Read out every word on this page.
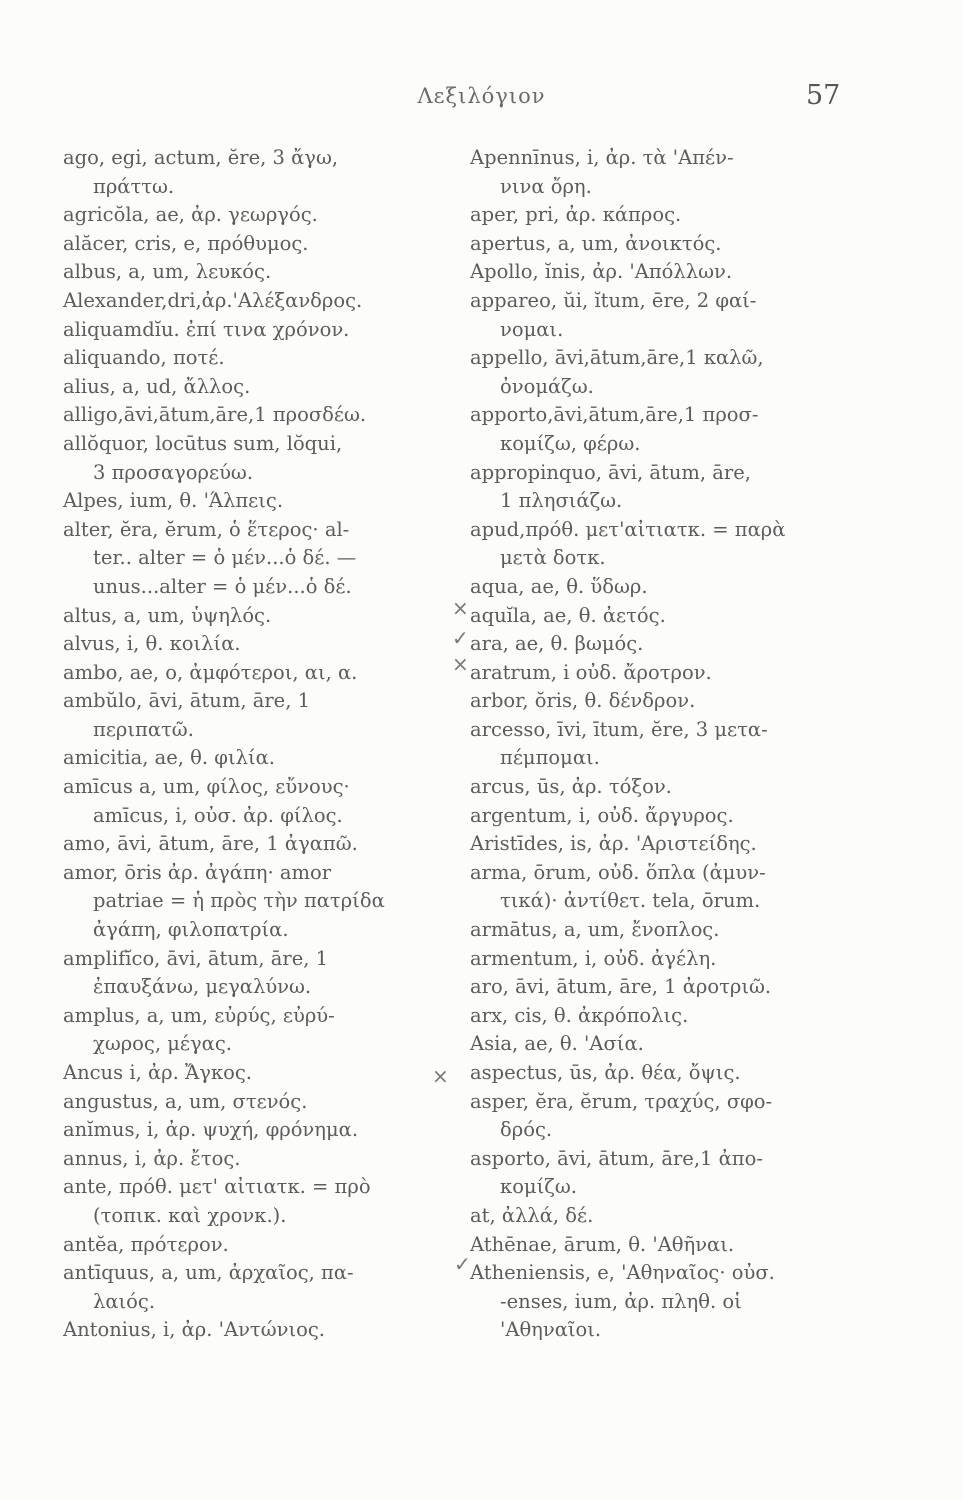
Λεξιλόγιον	57
ago, egi, actum, ĕre, 3 ἄγω,
πράττω.
agricŏla, ae, ἀρ. γεωργός.
alăcer, cris, e, πρόθυμος.
albus, a, um, λευκός.
Alexander,dri,ἀρ.'Αλέξανδρος.
aliquamdĭu. ἐπί τινα χρόνον.
aliquando, ποτέ.
alius, a, ud, ἄλλος.
alligo,āvi,ātum,āre,1 προσδέω.
allŏquor, locūtus sum, lŏqui,
3 προσαγορεύω.
Alpes, ium, θ. 'Άλπεις.
alter, ĕra, ĕrum, ὁ ἕτερος· al-
ter.. alter = ὁ μέν...ὁ δέ. —
unus...alter = ὁ μέν...ὁ δέ.
altus, a, um, ὑψηλός.
alvus, i, θ. κοιλία.
ambo, ae, o, ἀμφότεροι, αι, α.
ambŭlo, āvi, ātum, āre, 1
περιπατῶ.
amicitia, ae, θ. φιλία.
amīcus a, um, φίλος, εὔνους·
amīcus, i, οὐσ. ἀρ. φίλος.
amo, āvi, ātum, āre, 1 ἀγαπῶ.
amor, ōris ἀρ. ἀγάπη· amor
patriae = ἡ πρὸς τὴν πατρίδα
ἀγάπη, φιλοπατρία.
amplifĭco, āvi, ātum, āre, 1
ἐπαυξάνω, μεγαλύνω.
amplus, a, um, εὐρύς, εὐρύ-
χωρος, μέγας.
Ancus i, ἀρ. Ἄγκος.
angustus, a, um, στενός.
anĭmus, i, ἀρ. ψυχή, φρόνημα.
annus, i, ἀρ. ἔτος.
ante, πρόθ. μετ' αἰτιατκ. = πρὸ
(τοπικ. καὶ χρονκ.).
antĕa, πρότερον.
antīquus, a, um, ἀρχαῖος, πα-
λαιός.
Antonius, i, ἀρ. 'Αντώνιος.
Apennīnus, i, ἀρ. τὰ 'Απέν-
νινα ὄρη.
aper, pri, ἀρ. κάπρος.
apertus, a, um, ἀνοικτός.
Apollo, ĭnis, ἀρ. 'Απόλλων.
appareo, ŭi, ĭtum, ēre, 2 φαί-
νομαι.
appello, āvi,ātum,āre,1 καλῶ,
ὀνομάζω.
apporto,āvi,ātum,āre,1 προσ-
κομίζω, φέρω.
appropinquo, āvi, ātum, āre,
1 πλησιάζω.
apud,πρόθ. μετ'αἰτιατκ. = παρὰ
μετὰ δοτκ.
aqua, ae, θ. ὕδωρ.
aquĭla, ae, θ. ἀετός.
ara, ae, θ. βωμός.
aratrum, i οὐδ. ἄροτρον.
arbor, ŏris, θ. δένδρον.
arcesso, īvi, ītum, ĕre, 3 μετα-
πέμπομαι.
arcus, ūs, ἀρ. τόξον.
argentum, i, οὐδ. ἄργυρος.
Aristīdes, is, ἀρ. 'Αριστείδης.
arma, ōrum, οὐδ. ὅπλα (ἀμυν-
τικά)· ἀντίθετ. tela, ōrum.
armātus, a, um, ἔνοπλος.
armentum, i, οὐδ. ἀγέλη.
aro, āvi, ātum, āre, 1 ἀροτριῶ.
arx, cis, θ. ἀκρόπολις.
Asia, ae, θ. 'Ασία.
aspectus, ūs, ἀρ. θέα, ὄψις.
asper, ĕra, ĕrum, τραχύς, σφο-
δρός.
asporto, āvi, ātum, āre,1 ἀπο-
κομίζω.
at, ἀλλά, δέ.
Athēnae, ārum, θ. 'Αθῆναι.
Atheniensis, e, 'Αθηναῖος· οὐσ.
-enses, ium, ἀρ. πληθ. οἱ
'Αθηναῖοι.
×
✓
×
×
✓
